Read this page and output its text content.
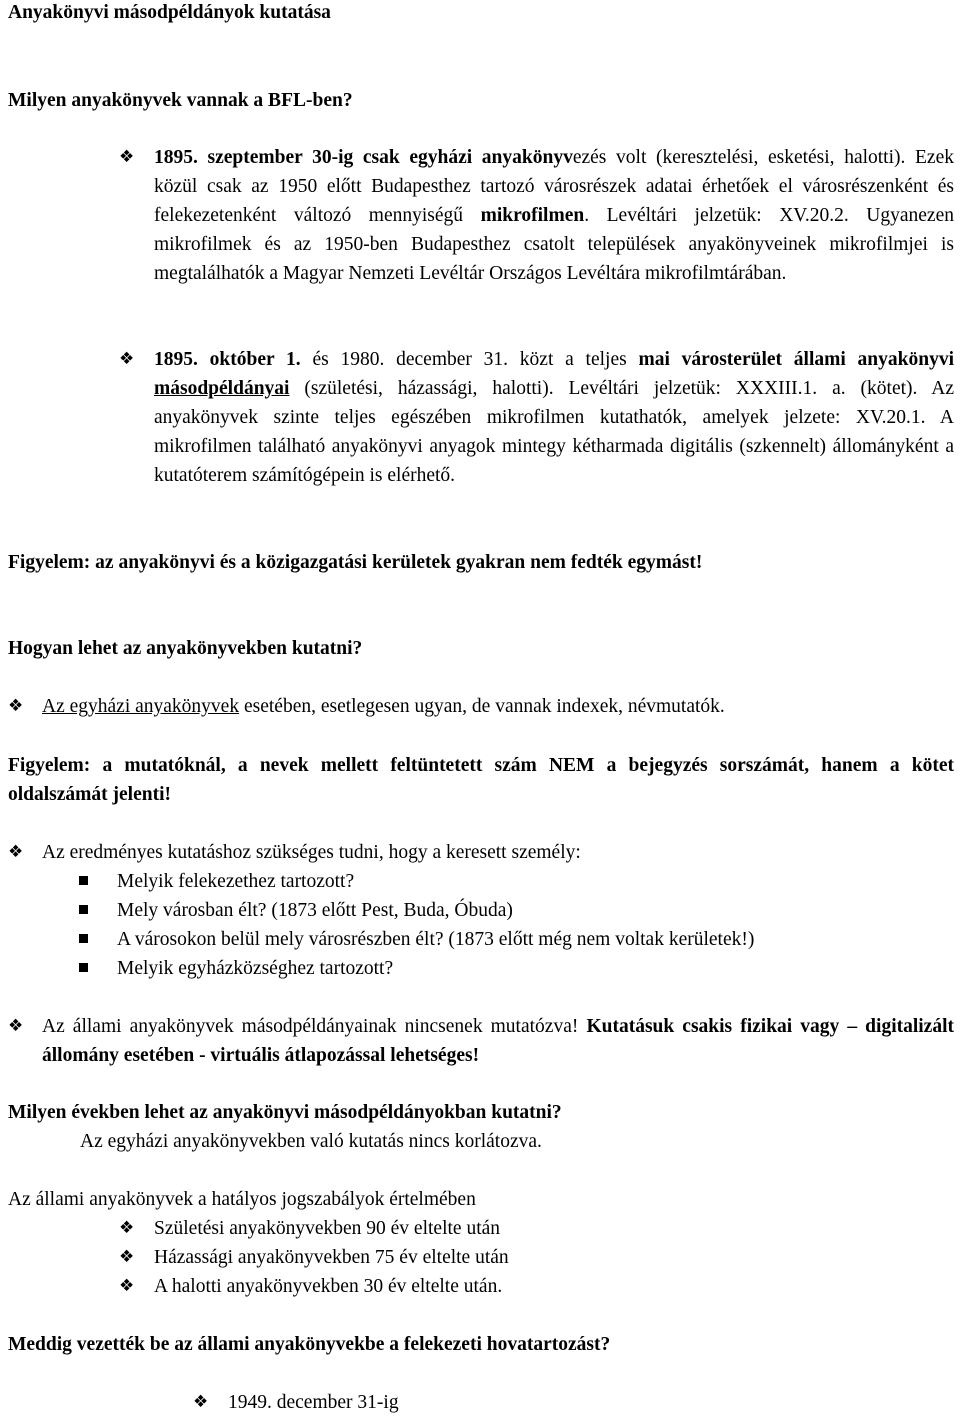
Anyakönyvi másodpéldányok kutatása
Milyen anyakönyvek vannak a BFL-ben?
❖ 1895. szeptember 30-ig csak egyházi anyakönyvezés volt (keresztelési, esketési, halotti). Ezek közül csak az 1950 előtt Budapesthez tartozó városrészek adatai érhetőek el városrészenként és felekezetenként változó mennyiségű mikrofilmen. Levéltári jelzetük: XV.20.2. Ugyanezen mikrofilmek és az 1950-ben Budapesthez csatolt települések anyakönyveinek mikrofilmjei is megtalálhatók a Magyar Nemzeti Levéltár Országos Levéltára mikrofilmtárában.
❖ 1895. október 1. és 1980. december 31. közt a teljes mai városterület állami anyakönyvi másodpéldányai (születési, házassági, halotti). Levéltári jelzetük: XXXIII.1. a. (kötet). Az anyakönyvek szinte teljes egészében mikrofilmen kutathatók, amelyek jelzete: XV.20.1. A mikrofilmen található anyakönyvi anyagok mintegy kétharmada digitális (szkennelt) állományként a kutatóterem számítógépein is elérhető.
Figyelem: az anyakönyvi és a közigazgatási kerületek gyakran nem fedték egymást!
Hogyan lehet az anyakönyvekben kutatni?
❖ Az egyházi anyakönyvek esetében, esetlegesen ugyan, de vannak indexek, névmutatók.
Figyelem: a mutatóknál, a nevek mellett feltüntetett szám NEM a bejegyzés sorszámát, hanem a kötet oldalszámát jelenti!
❖ Az eredményes kutatáshoz szükséges tudni, hogy a keresett személy:
Melyik felekezethez tartozott?
Mely városban élt? (1873 előtt Pest, Buda, Óbuda)
A városokon belül mely városrészben élt? (1873 előtt még nem voltak kerületek!)
Melyik egyházközséghez tartozott?
❖ Az állami anyakönyvek másodpéldányainak nincsenek mutatózva! Kutatásuk csakis fizikai vagy – digitalizált állomány esetében - virtuális átlapozással lehetséges!
Milyen években lehet az anyakönyvi másodpéldányokban kutatni?
Az egyházi anyakönyvekben való kutatás nincs korlátozva.
Az állami anyakönyvek a hatályos jogszabályok értelmében
❖ Születési anyakönyvekben 90 év eltelte után
❖ Házassági anyakönyvekben 75 év eltelte után
❖ A halotti anyakönyvekben 30 év eltelte után.
Meddig vezették be az állami anyakönyvekbe a felekezeti hovatartozást?
❖ 1949. december 31-ig
